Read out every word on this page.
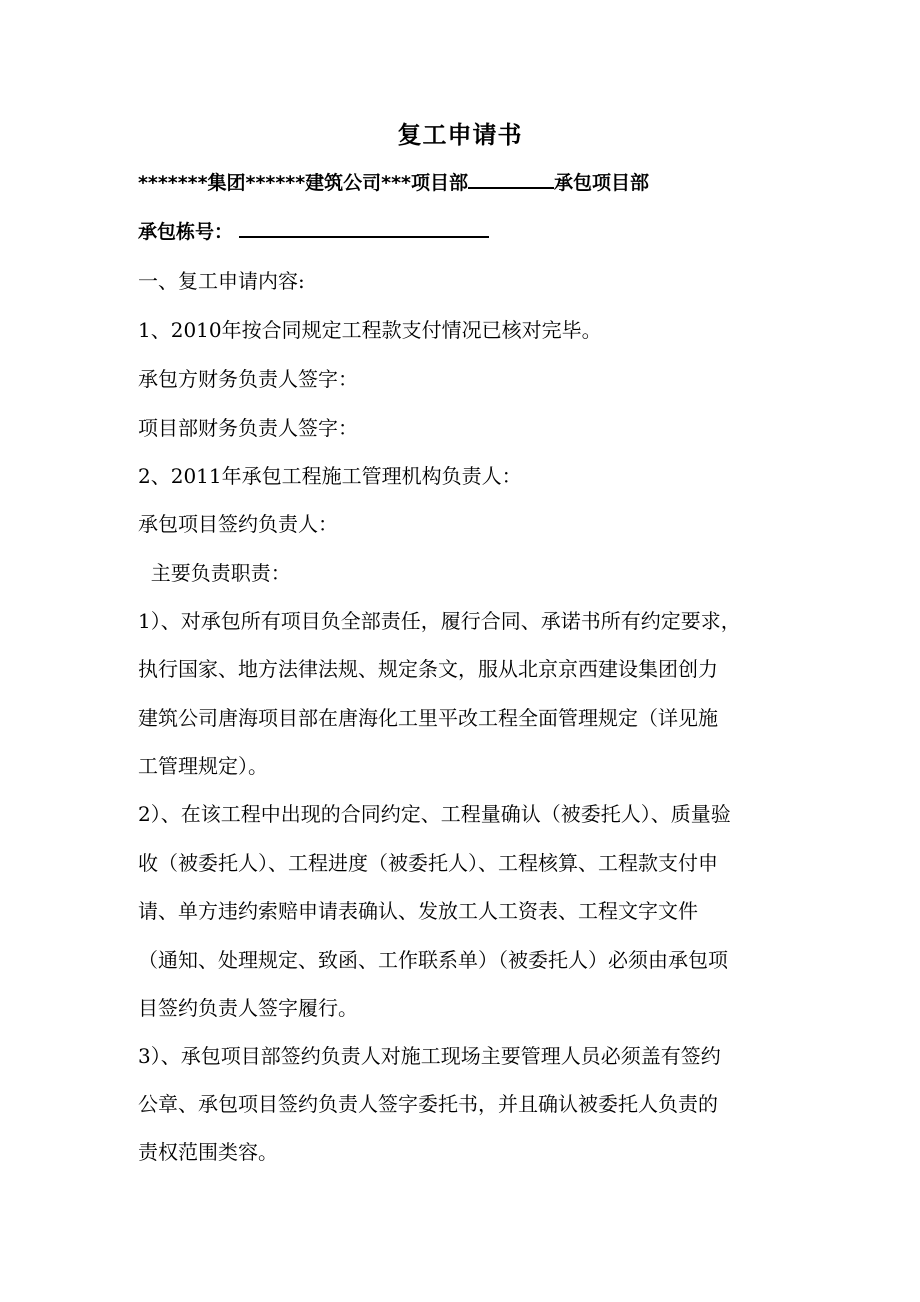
复工申请书
*******集团******建筑公司***项目部	承包项目部
承包栋号：
一、复工申请内容:
1、2010年按合同规定工程款支付情况已核对完毕。
承包方财务负责人签字：
项目部财务负责人签字：
2、2011年承包工程施工管理机构负责人：
承包项目签约负责人：
主要负责职责：
1）、对承包所有项目负全部责任，履行合同、承诺书所有约定要求，
执行国家、地方法律法规、规定条文，服从北京京西建设集团创力
建筑公司唐海项目部在唐海化工里平改工程全面管理规定（详见施
工管理规定）。
2）、在该工程中出现的合同约定、工程量确认（被委托人）、质量验
收（被委托人）、工程进度（被委托人）、工程核算、工程款支付申
请、单方违约索赔申请表确认、发放工人工资表、工程文字文件
（通知、处理规定、致函、工作联系单）（被委托人）必须由承包项
目签约负责人签字履行。
3）、承包项目部签约负责人对施工现场主要管理人员必须盖有签约
公章、承包项目签约负责人签字委托书，并且确认被委托人负责的
责权范围类容。
